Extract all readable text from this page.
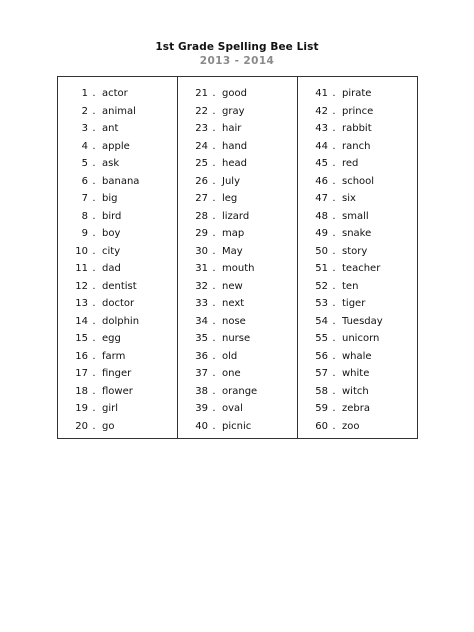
1st Grade Spelling Bee List
2013 - 2014
1 . actor
2 . animal
3 . ant
4 . apple
5 . ask
6 . banana
7 . big
8 . bird
9 . boy
10 . city
11 . dad
12 . dentist
13 . doctor
14 . dolphin
15 . egg
16 . farm
17 . finger
18 . flower
19 . girl
20 . go
21 . good
22 . gray
23 . hair
24 . hand
25 . head
26 . July
27 . leg
28 . lizard
29 . map
30 . May
31 . mouth
32 . new
33 . next
34 . nose
35 . nurse
36 . old
37 . one
38 . orange
39 . oval
40 . picnic
41 . pirate
42 . prince
43 . rabbit
44 . ranch
45 . red
46 . school
47 . six
48 . small
49 . snake
50 . story
51 . teacher
52 . ten
53 . tiger
54 . Tuesday
55 . unicorn
56 . whale
57 . white
58 . witch
59 . zebra
60 . zoo
